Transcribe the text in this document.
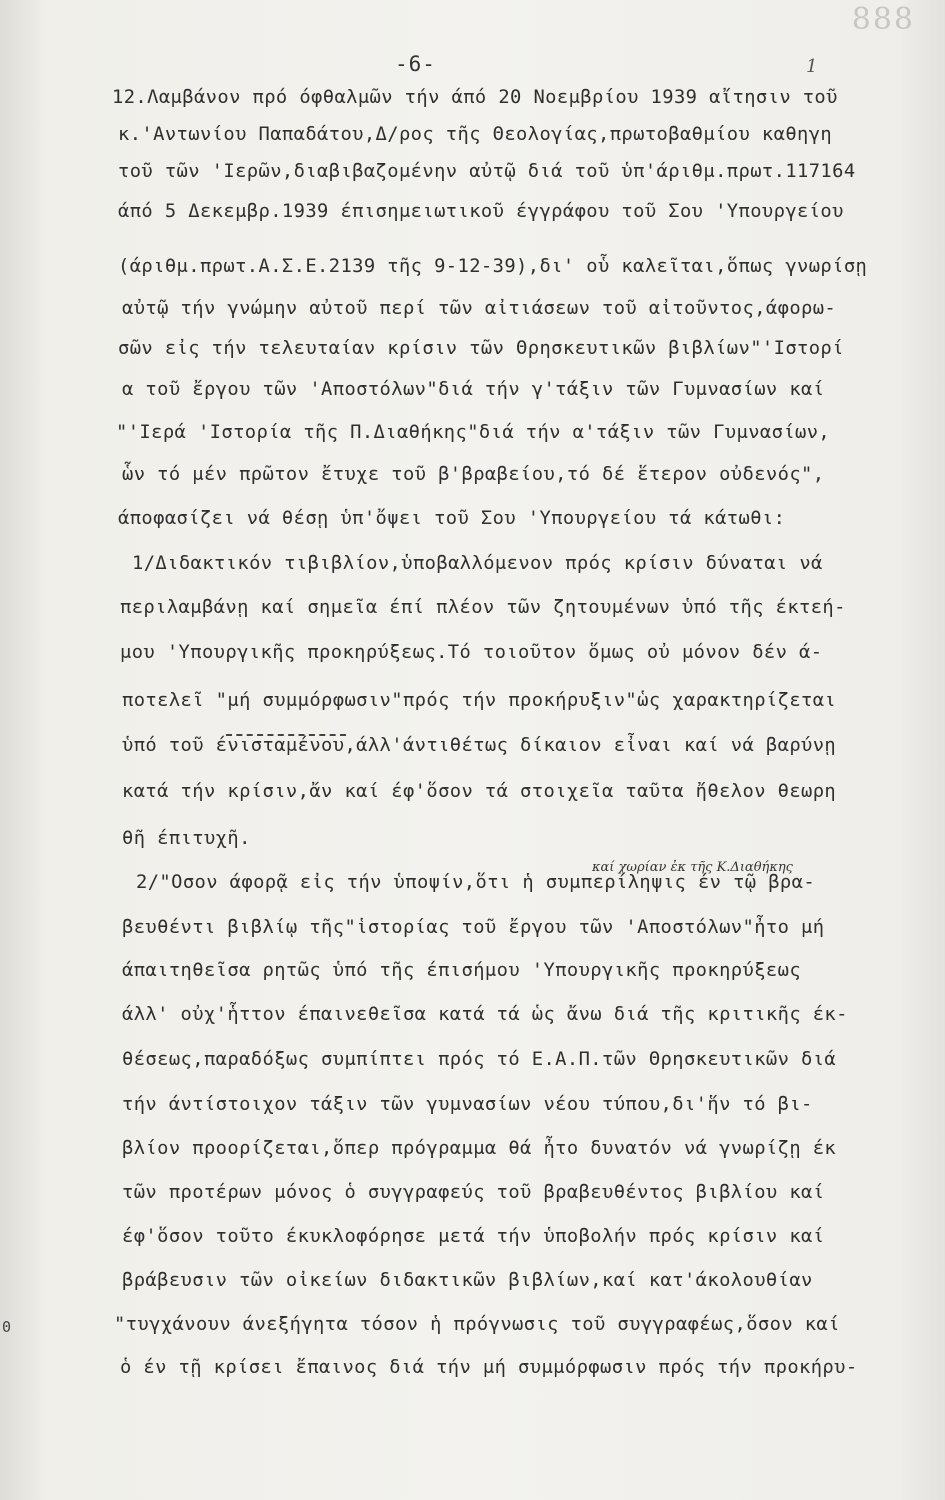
888
-6-	1
0
12.Λαμβάνον πρό όφθαλμῶν τήν άπό 20 Νοεμβρίου 1939 αἴτησιν τοῦ
κ.'Αντωνίου Παπαδάτου,Δ/ρος τῆς Θεολογίας,πρωτοβαθμίου καθηγη
τοῦ τῶν 'Ιερῶν,διαβιβαζομένην αὐτῷ διά τοῦ ὑπ'άριθμ.πρωτ.117164
άπό 5 Δεκεμβρ.1939 έπισημειωτικοῦ έγγράφου τοῦ Σου 'Υπουργείου
(άριθμ.πρωτ.Α.Σ.Ε.2139 τῆς 9-12-39),δι' οὗ καλεῖται,ὅπως γνωρίσῃ
αὐτῷ τήν γνώμην αὐτοῦ περί τῶν αἰτιάσεων τοῦ αἰτοῦντος,άφορω-
σῶν εἰς τήν τελευταίαν κρίσιν τῶν Θρησκευτικῶν βιβλίων"'Ιστορί
α τοῦ ἔργου τῶν 'Αποστόλων"διά τήν γ'τάξιν τῶν Γυμνασίων καί
"'Ιερά 'Ιστορία τῆς Π.Διαθήκης"διά τήν α'τάξιν τῶν Γυμνασίων,
ὧν τό μέν πρῶτον ἔτυχε τοῦ β'βραβείου,τό δέ ἕτερον οὐδενός",
άποφασίζει νά θέσῃ ὑπ'ὄψει τοῦ Σου 'Υπουργείου τά κάτωθι:
1/Διδακτικόν τιβιβλίον,ὑποβαλλόμενον πρός κρίσιν δύναται νά
περιλαμβάνῃ καί σημεῖα έπί πλέον τῶν ζητουμένων ὑπό τῆς έκτεή-
μου 'Υπουργικῆς προκηρύξεως.Τό τοιοῦτον ὅμως οὐ μόνον δέν ά-
ποτελεῖ "μή συμμόρφωσιν"πρός τήν προκήρυξιν"ὡς χαρακτηρίζεται
ὑπό τοῦ ένισταμένου,άλλ'άντιθέτως δίκαιον εἶναι καί νά βαρύνῃ
κατά τήν κρίσιν,ἄν καί έφ'ὅσον τά στοιχεῖα ταῦτα ἤθελον θεωρη
θῆ έπιτυχῆ.
2/"Οσον άφορᾷ εἰς τήν ὑποψίν,ὅτι ἡ συμπερίληψις έν τῷ βρα-
βευθέντι βιβλίῳ τῆς"ἱστορίας τοῦ ἔργου τῶν 'Αποστόλων"ἦτο μή
άπαιτηθεῖσα ρητῶς ὑπό τῆς έπισήμου 'Υπουργικῆς προκηρύξεως
άλλ' οὐχ'ἧττον έπαινεθεῖσα κατά τά ὡς ἄνω διά τῆς κριτικῆς έκ-
θέσεως,παραδόξως συμπίπτει πρός τό Ε.Α.Π.τῶν Θρησκευτικῶν διά
τήν άντίστοιχον τάξιν τῶν γυμνασίων νέου τύπου,δι'ἥν τό βι-
βλίον προορίζεται,ὅπερ πρόγραμμα θά ἦτο δυνατόν νά γνωρίζῃ έκ
τῶν προτέρων μόνος ὁ συγγραφεύς τοῦ βραβευθέντος βιβλίου καί
έφ'ὅσον τοῦτο έκυκλοφόρησε μετά τήν ὑποβολήν πρός κρίσιν καί
βράβευσιν τῶν οἰκείων διδακτικῶν βιβλίων,καί κατ'άκολουθίαν
"τυγχάνουν άνεξήγητα τόσον ἡ πρόγνωσις τοῦ συγγραφέως,ὅσον καί
ὁ έν τῇ κρίσει ἔπαινος διά τήν μή συμμόρφωσιν πρός τήν προκήρυ-
καί χωρίαν ἐκ τῆς Κ.Διαθήκης
